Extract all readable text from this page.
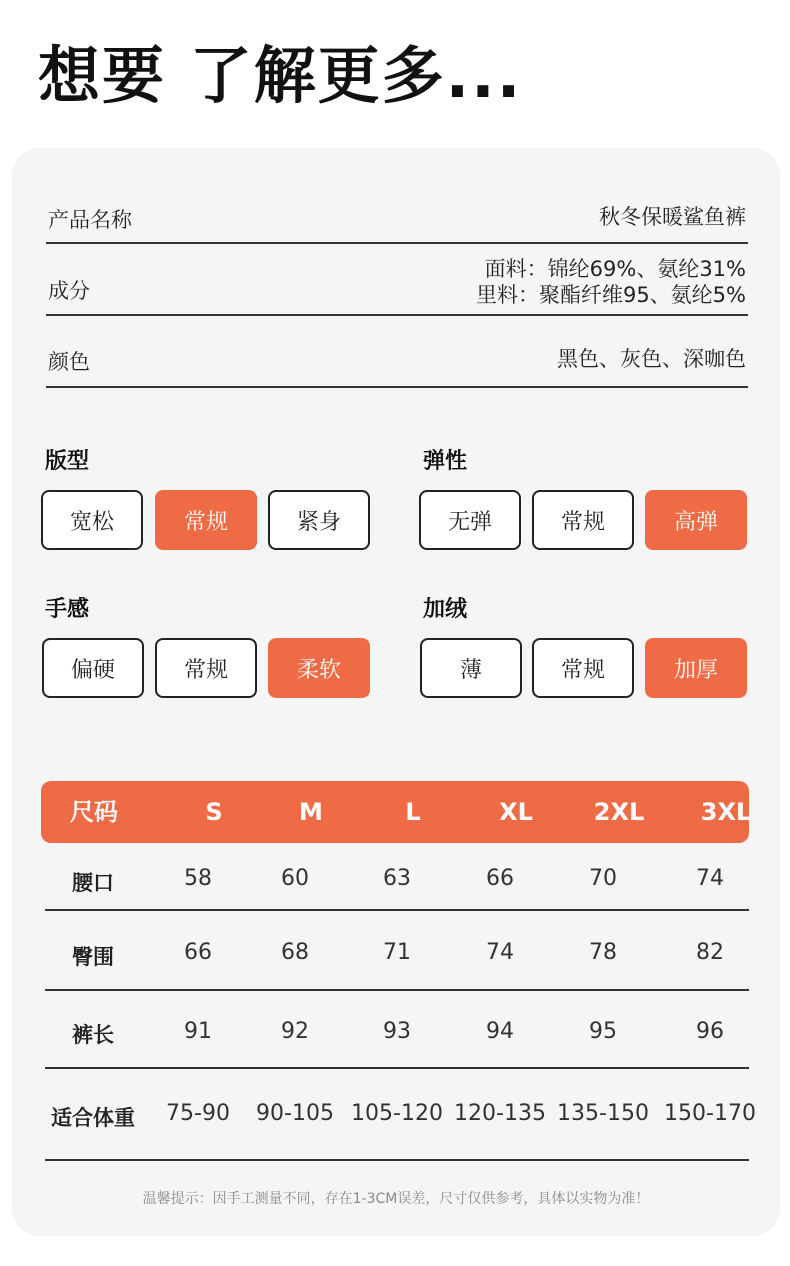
想要 了解更多...
产品名称	秋冬保暖鲨鱼裤
成分
面料：锦纶69%、氨纶31%
里料：聚酯纤维95、氨纶5%
颜色	黑色、灰色、深咖色
版型
宽松	常规	紧身
弹性
无弹	常规	高弹
手感
偏硬	常规	柔软
加绒
薄	常规	加厚
尺码	S	M	L	XL	2XL	3XL
腰口	58	60	63	66	70	74
臀围	66	68	71	74	78	82
裤长	91	92	93	94	95	96
适合体重	75-90	90-105 105-120 120-135 135-150 150-170
温馨提示：因手工测量不同，存在1-3CM误差，尺寸仅供参考，具体以实物为准！
